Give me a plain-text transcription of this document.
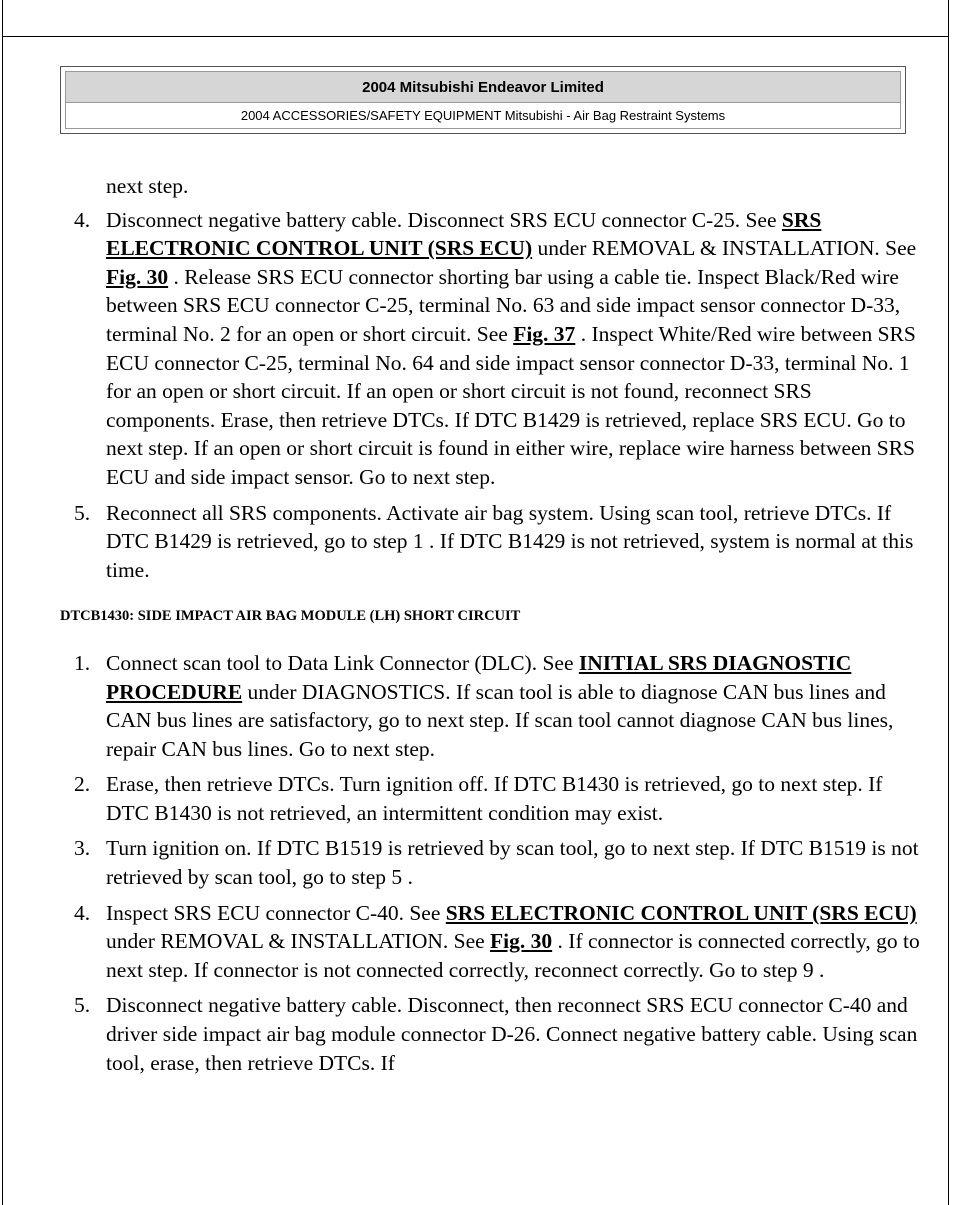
2004 Mitsubishi Endeavor Limited
2004 ACCESSORIES/SAFETY EQUIPMENT Mitsubishi - Air Bag Restraint Systems
next step.
4. Disconnect negative battery cable. Disconnect SRS ECU connector C-25. See SRS ELECTRONIC CONTROL UNIT (SRS ECU) under REMOVAL & INSTALLATION. See Fig. 30 . Release SRS ECU connector shorting bar using a cable tie. Inspect Black/Red wire between SRS ECU connector C-25, terminal No. 63 and side impact sensor connector D-33, terminal No. 2 for an open or short circuit. See Fig. 37 . Inspect White/Red wire between SRS ECU connector C-25, terminal No. 64 and side impact sensor connector D-33, terminal No. 1 for an open or short circuit. If an open or short circuit is not found, reconnect SRS components. Erase, then retrieve DTCs. If DTC B1429 is retrieved, replace SRS ECU. Go to next step. If an open or short circuit is found in either wire, replace wire harness between SRS ECU and side impact sensor. Go to next step.
5. Reconnect all SRS components. Activate air bag system. Using scan tool, retrieve DTCs. If DTC B1429 is retrieved, go to step 1 . If DTC B1429 is not retrieved, system is normal at this time.
DTCB1430: SIDE IMPACT AIR BAG MODULE (LH) SHORT CIRCUIT
1. Connect scan tool to Data Link Connector (DLC). See INITIAL SRS DIAGNOSTIC PROCEDURE under DIAGNOSTICS. If scan tool is able to diagnose CAN bus lines and CAN bus lines are satisfactory, go to next step. If scan tool cannot diagnose CAN bus lines, repair CAN bus lines. Go to next step.
2. Erase, then retrieve DTCs. Turn ignition off. If DTC B1430 is retrieved, go to next step. If DTC B1430 is not retrieved, an intermittent condition may exist.
3. Turn ignition on. If DTC B1519 is retrieved by scan tool, go to next step. If DTC B1519 is not retrieved by scan tool, go to step 5 .
4. Inspect SRS ECU connector C-40. See SRS ELECTRONIC CONTROL UNIT (SRS ECU) under REMOVAL & INSTALLATION. See Fig. 30 . If connector is connected correctly, go to next step. If connector is not connected correctly, reconnect correctly. Go to step 9 .
5. Disconnect negative battery cable. Disconnect, then reconnect SRS ECU connector C-40 and driver side impact air bag module connector D-26. Connect negative battery cable. Using scan tool, erase, then retrieve DTCs. If
